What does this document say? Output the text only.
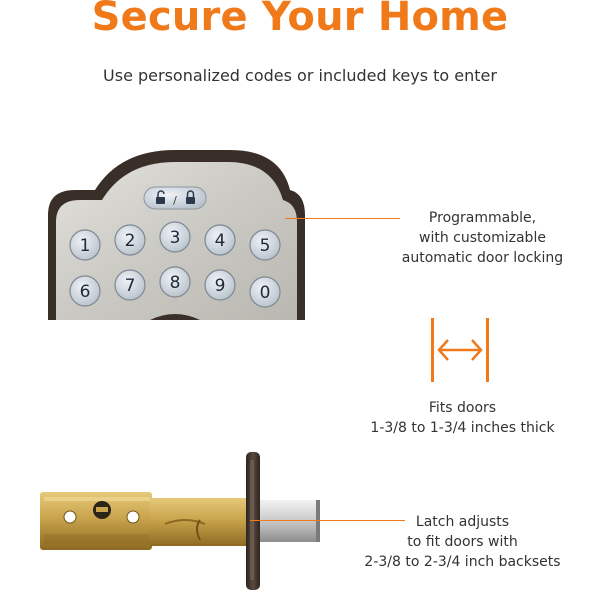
Secure Your Home
Use personalized codes or included keys to enter
/
1 2 3 4 5
6 7 8 9 0
Programmable,
with customizable
automatic door locking
Fits doors
1-3/8 to 1-3/4 inches thick
Latch adjusts
to fit doors with
2-3/8 to 2-3/4 inch backsets
